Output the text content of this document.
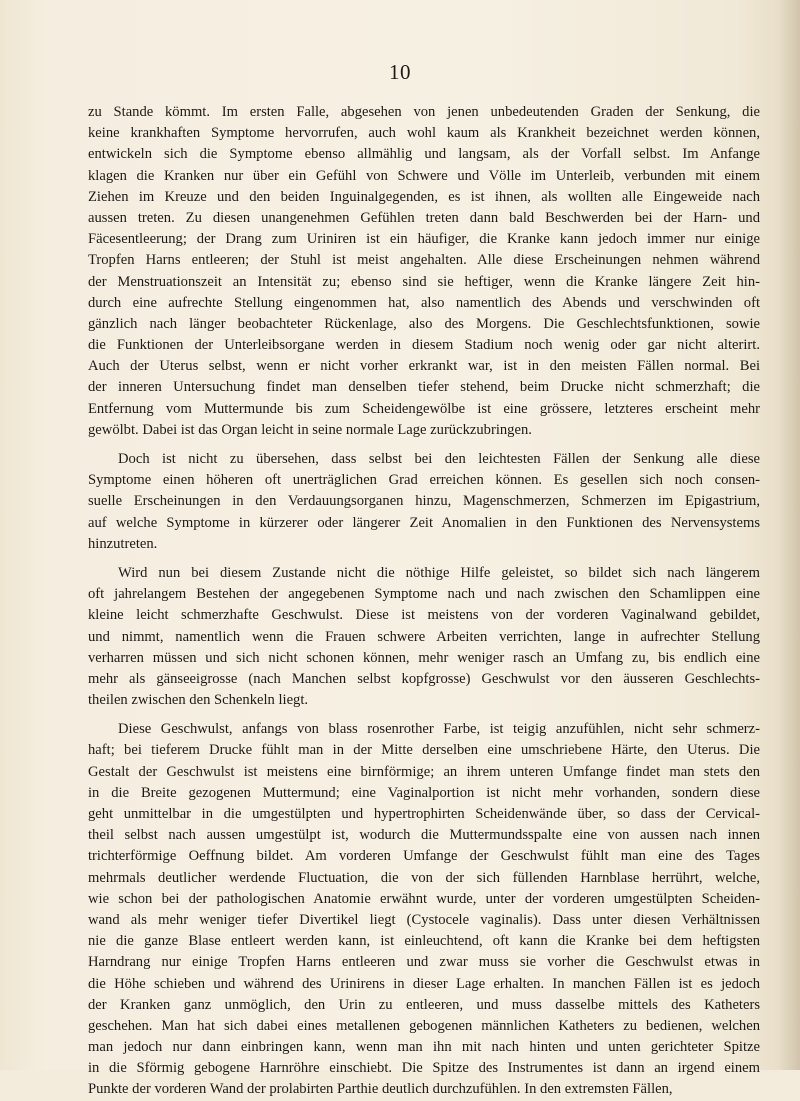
10
zu Stande kömmt. Im ersten Falle, abgesehen von jenen unbedeutenden Graden der Senkung, die
keine krankhaften Symptome hervorrufen, auch wohl kaum als Krankheit bezeichnet werden können,
entwickeln sich die Symptome ebenso allmählig und langsam, als der Vorfall selbst. Im Anfange
klagen die Kranken nur über ein Gefühl von Schwere und Völle im Unterleib, verbunden mit einem
Ziehen im Kreuze und den beiden Inguinalgegenden, es ist ihnen, als wollten alle Eingeweide nach
aussen treten. Zu diesen unangenehmen Gefühlen treten dann bald Beschwerden bei der Harn- und
Fäcesentleerung; der Drang zum Uriniren ist ein häufiger, die Kranke kann jedoch immer nur einige
Tropfen Harns entleeren; der Stuhl ist meist angehalten. Alle diese Erscheinungen nehmen während
der Menstruationszeit an Intensität zu; ebenso sind sie heftiger, wenn die Kranke längere Zeit hin-
durch eine aufrechte Stellung eingenommen hat, also namentlich des Abends und verschwinden oft
gänzlich nach länger beobachteter Rückenlage, also des Morgens. Die Geschlechtsfunktionen, sowie
die Funktionen der Unterleibsorgane werden in diesem Stadium noch wenig oder gar nicht alterirt.
Auch der Uterus selbst, wenn er nicht vorher erkrankt war, ist in den meisten Fällen normal. Bei
der inneren Untersuchung findet man denselben tiefer stehend, beim Drucke nicht schmerzhaft; die
Entfernung vom Muttermunde bis zum Scheidengewölbe ist eine grössere, letzteres erscheint mehr
gewölbt. Dabei ist das Organ leicht in seine normale Lage zurückzubringen.
Doch ist nicht zu übersehen, dass selbst bei den leichtesten Fällen der Senkung alle diese
Symptome einen höheren oft unerträglichen Grad erreichen können. Es gesellen sich noch consen-
suelle Erscheinungen in den Verdauungsorganen hinzu, Magenschmerzen, Schmerzen im Epigastrium,
auf welche Symptome in kürzerer oder längerer Zeit Anomalien in den Funktionen des Nervensystems
hinzutreten.
Wird nun bei diesem Zustande nicht die nöthige Hilfe geleistet, so bildet sich nach längerem
oft jahrelangem Bestehen der angegebenen Symptome nach und nach zwischen den Schamlippen eine
kleine leicht schmerzhafte Geschwulst. Diese ist meistens von der vorderen Vaginalwand gebildet,
und nimmt, namentlich wenn die Frauen schwere Arbeiten verrichten, lange in aufrechter Stellung
verharren müssen und sich nicht schonen können, mehr weniger rasch an Umfang zu, bis endlich eine
mehr als gänseeigrosse (nach Manchen selbst kopfgrosse) Geschwulst vor den äusseren Geschlechts-
theilen zwischen den Schenkeln liegt.
Diese Geschwulst, anfangs von blass rosenrother Farbe, ist teigig anzufühlen, nicht sehr schmerz-
haft; bei tieferem Drucke fühlt man in der Mitte derselben eine umschriebene Härte, den Uterus. Die
Gestalt der Geschwulst ist meistens eine birnförmige; an ihrem unteren Umfange findet man stets den
in die Breite gezogenen Muttermund; eine Vaginalportion ist nicht mehr vorhanden, sondern diese
geht unmittelbar in die umgestülpten und hypertrophirten Scheidenwände über, so dass der Cervical-
theil selbst nach aussen umgestülpt ist, wodurch die Muttermundsspalte eine von aussen nach innen
trichterförmige Oeffnung bildet. Am vorderen Umfange der Geschwulst fühlt man eine des Tages
mehrmals deutlicher werdende Fluctuation, die von der sich füllenden Harnblase herrührt, welche,
wie schon bei der pathologischen Anatomie erwähnt wurde, unter der vorderen umgestülpten Scheiden-
wand als mehr weniger tiefer Divertikel liegt (Cystocele vaginalis). Dass unter diesen Verhältnissen
nie die ganze Blase entleert werden kann, ist einleuchtend, oft kann die Kranke bei dem heftigsten
Harndrang nur einige Tropfen Harns entleeren und zwar muss sie vorher die Geschwulst etwas in
die Höhe schieben und während des Urinirens in dieser Lage erhalten. In manchen Fällen ist es jedoch
der Kranken ganz unmöglich, den Urin zu entleeren, und muss dasselbe mittels des Katheters
geschehen. Man hat sich dabei eines metallenen gebogenen männlichen Katheters zu bedienen, welchen
man jedoch nur dann einbringen kann, wenn man ihn mit nach hinten und unten gerichteter Spitze
in die Sförmig gebogene Harnröhre einschiebt. Die Spitze des Instrumentes ist dann an irgend einem
Punkte der vorderen Wand der prolabirten Parthie deutlich durchzufühlen. In den extremsten Fällen,
